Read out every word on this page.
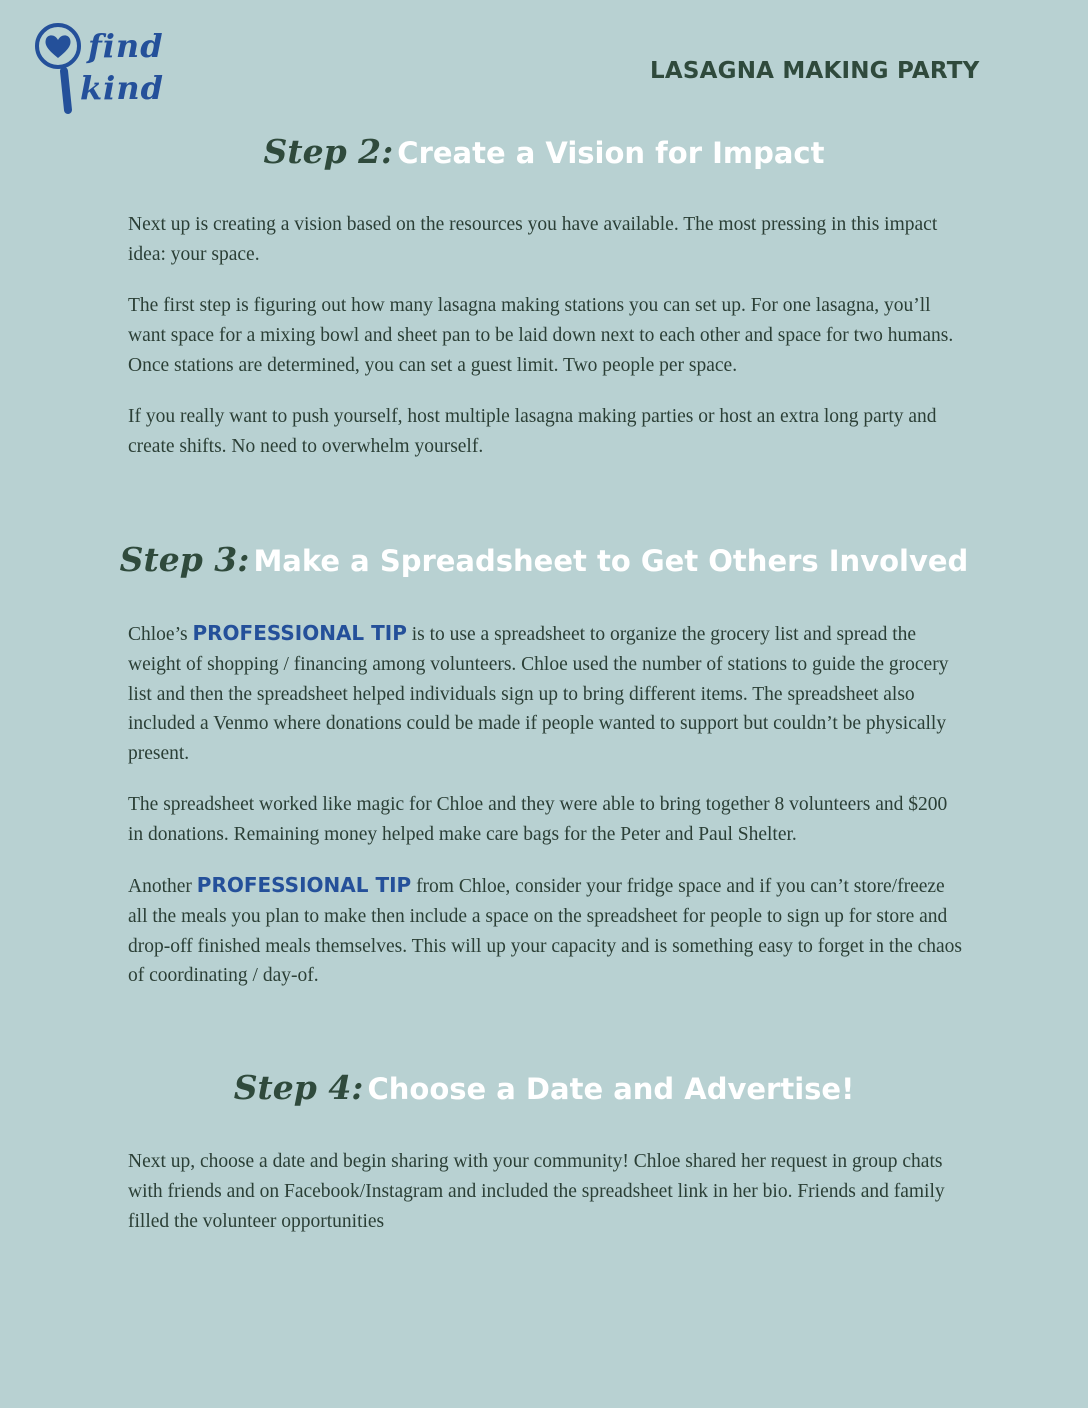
find
kind	LASAGNA MAKING PARTY
Step 2: Create a Vision for Impact

Next up is creating a vision based on the resources you have available. The most pressing in this impact idea: your space.

The first step is figuring out how many lasagna making stations you can set up. For one lasagna, you’ll want space for a mixing bowl and sheet pan to be laid down next to each other and space for two humans. Once stations are determined, you can set a guest limit. Two people per space.

If you really want to push yourself, host multiple lasagna making parties or host an extra long party and create shifts. No need to overwhelm yourself.

Step 3: Make a Spreadsheet to Get Others Involved

Chloe’s PROFESSIONAL TIP is to use a spreadsheet to organize the grocery list and spread the weight of shopping / financing among volunteers. Chloe used the number of stations to guide the grocery list and then the spreadsheet helped individuals sign up to bring different items. The spreadsheet also included a Venmo where donations could be made if people wanted to support but couldn’t be physically present.

The spreadsheet worked like magic for Chloe and they were able to bring together 8 volunteers and $200 in donations. Remaining money helped make care bags for the Peter and Paul Shelter.

Another PROFESSIONAL TIP from Chloe, consider your fridge space and if you can’t store/freeze all the meals you plan to make then include a space on the spreadsheet for people to sign up for store and drop-off finished meals themselves. This will up your capacity and is something easy to forget in the chaos of coordinating / day-of.

Step 4: Choose a Date and Advertise!

Next up, choose a date and begin sharing with your community! Chloe shared her request in group chats with friends and on Facebook/Instagram and included the spreadsheet link in her bio. Friends and family filled the volunteer opportunities
